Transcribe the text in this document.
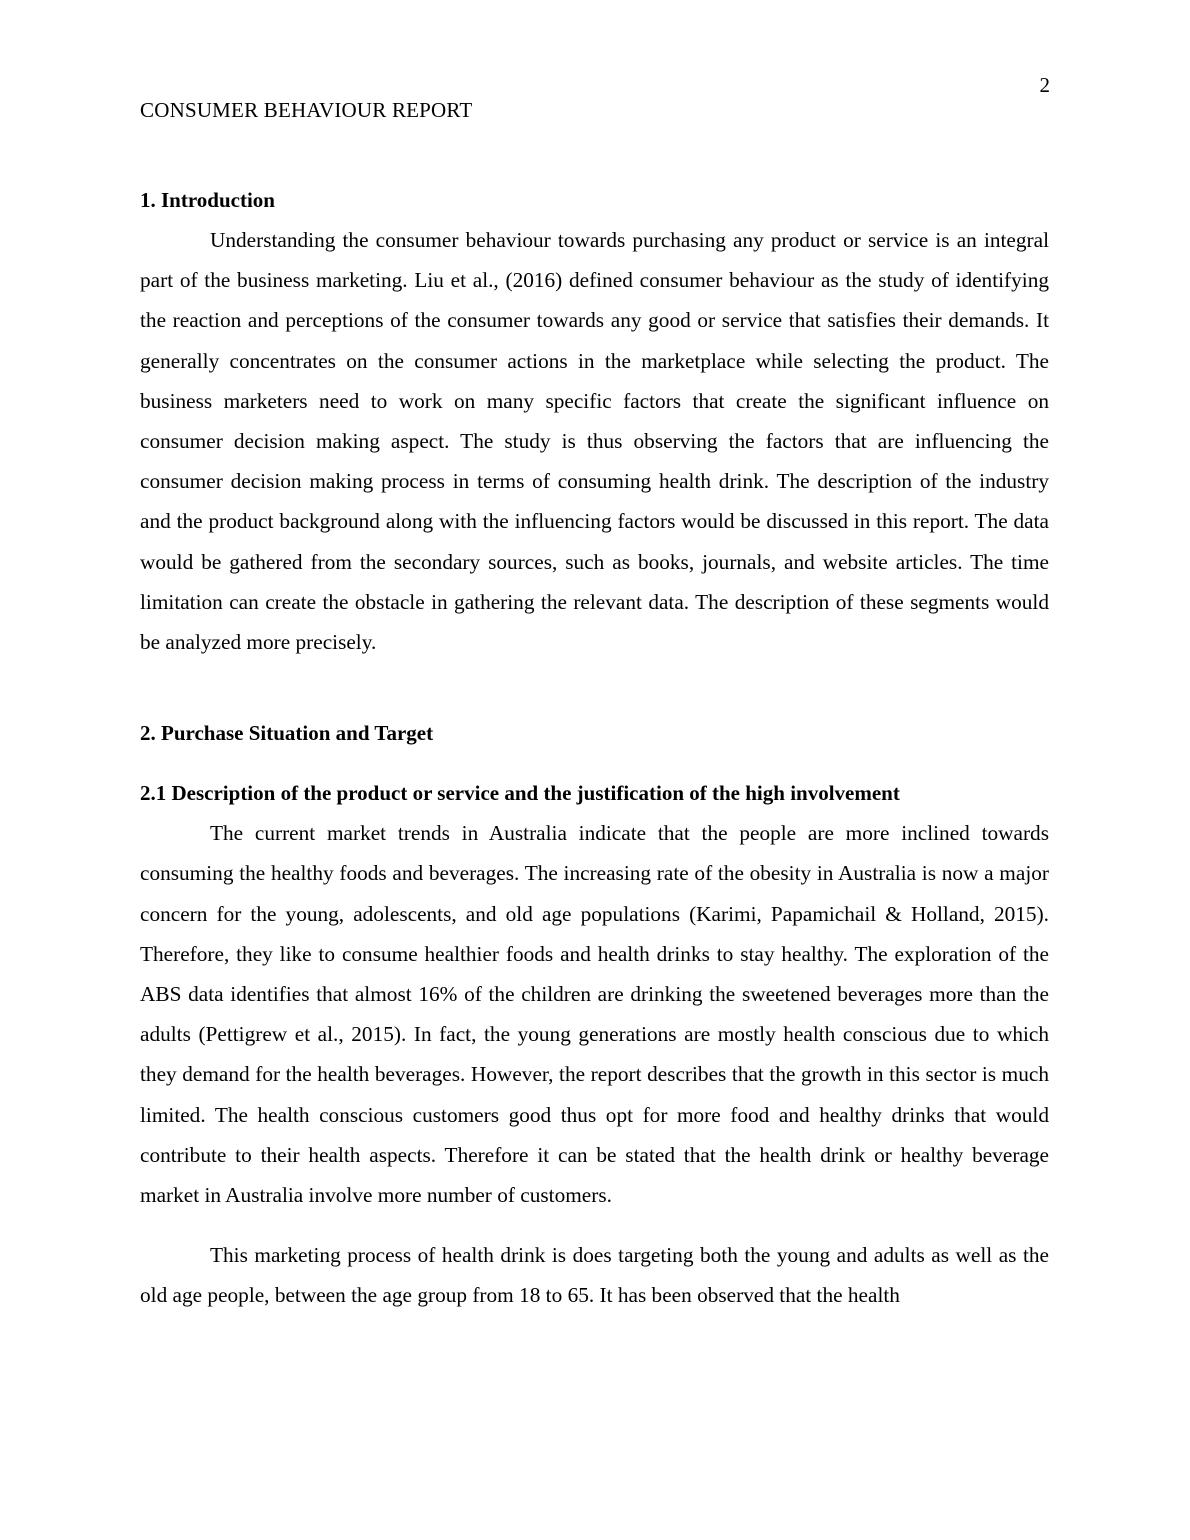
2
CONSUMER BEHAVIOUR REPORT
1. Introduction

Understanding the consumer behaviour towards purchasing any product or service is an integral part of the business marketing. Liu et al., (2016) defined consumer behaviour as the study of identifying the reaction and perceptions of the consumer towards any good or service that satisfies their demands. It generally concentrates on the consumer actions in the marketplace while selecting the product. The business marketers need to work on many specific factors that create the significant influence on consumer decision making aspect. The study is thus observing the factors that are influencing the consumer decision making process in terms of consuming health drink. The description of the industry and the product background along with the influencing factors would be discussed in this report. The data would be gathered from the secondary sources, such as books, journals, and website articles. The time limitation can create the obstacle in gathering the relevant data. The description of these segments would be analyzed more precisely.

2. Purchase Situation and Target
2.1 Description of the product or service and the justification of the high involvement

The current market trends in Australia indicate that the people are more inclined towards consuming the healthy foods and beverages. The increasing rate of the obesity in Australia is now a major concern for the young, adolescents, and old age populations (Karimi, Papamichail & Holland, 2015). Therefore, they like to consume healthier foods and health drinks to stay healthy. The exploration of the ABS data identifies that almost 16% of the children are drinking the sweetened beverages more than the adults (Pettigrew et al., 2015). In fact, the young generations are mostly health conscious due to which they demand for the health beverages. However, the report describes that the growth in this sector is much limited. The health conscious customers good thus opt for more food and healthy drinks that would contribute to their health aspects. Therefore it can be stated that the health drink or healthy beverage market in Australia involve more number of customers.

This marketing process of health drink is does targeting both the young and adults as well as the old age people, between the age group from 18 to 65. It has been observed that the health
